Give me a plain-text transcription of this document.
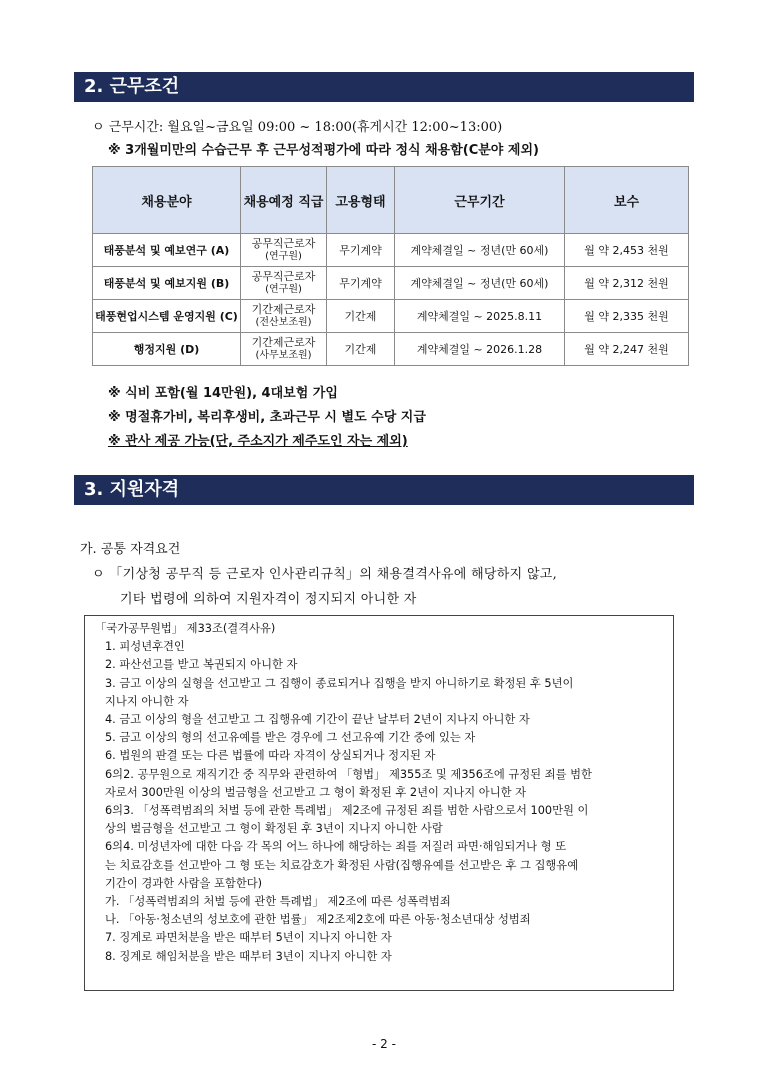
2. 근무조건
ㅇ 근무시간: 월요일~금요일 09:00 ~ 18:00(휴게시간 12:00~13:00)
※ 3개월미만의 수습근무 후 근무성적평가에 따라 정식 채용함(C분야 제외)
채용분야	채용예정 직급	고용형태	근무기간	보수
태풍분석 및 예보연구 (A)	공무직근로자
(연구원)	무기계약	계약체결일 ~ 정년(만 60세)	월 약 2,453 천원
태풍분석 및 예보지원 (B)	공무직근로자
(연구원)	무기계약	계약체결일 ~ 정년(만 60세)	월 약 2,312 천원
태풍현업시스템 운영지원 (C)	기간제근로자
(전산보조원)	기간제	계약체결일 ~ 2025.8.11	월 약 2,335 천원
행정지원 (D)	기간제근로자
(사무보조원)	기간제	계약체결일 ~ 2026.1.28	월 약 2,247 천원
※ 식비 포함(월 14만원), 4대보험 가입
※ 명절휴가비, 복리후생비, 초과근무 시 별도 수당 지급
※ 관사 제공 가능(단, 주소지가 제주도인 자는 제외)
3. 지원자격
가. 공통 자격요건
ㅇ 「기상청 공무직 등 근로자 인사관리규칙」의 채용결격사유에 해당하지 않고,
기타 법령에 의하여 지원자격이 정지되지 아니한 자
「국가공무원법」 제33조(결격사유)
1. 피성년후견인
2. 파산선고를 받고 복권되지 아니한 자
3. 금고 이상의 실형을 선고받고 그 집행이 종료되거나 집행을 받지 아니하기로 확정된 후 5년이
지나지 아니한 자
4. 금고 이상의 형을 선고받고 그 집행유예 기간이 끝난 날부터 2년이 지나지 아니한 자
5. 금고 이상의 형의 선고유예를 받은 경우에 그 선고유예 기간 중에 있는 자
6. 법원의 판결 또는 다른 법률에 따라 자격이 상실되거나 정지된 자
6의2. 공무원으로 재직기간 중 직무와 관련하여 「형법」 제355조 및 제356조에 규정된 죄를 범한
자로서 300만원 이상의 벌금형을 선고받고 그 형이 확정된 후 2년이 지나지 아니한 자
6의3. 「성폭력범죄의 처벌 등에 관한 특례법」 제2조에 규정된 죄를 범한 사람으로서 100만원 이
상의 벌금형을 선고받고 그 형이 확정된 후 3년이 지나지 아니한 사람
6의4. 미성년자에 대한 다음 각 목의 어느 하나에 해당하는 죄를 저질러 파면·해임되거나 형 또
는 치료감호를 선고받아 그 형 또는 치료감호가 확정된 사람(집행유예를 선고받은 후 그 집행유예
기간이 경과한 사람을 포함한다)
가. 「성폭력범죄의 처벌 등에 관한 특례법」 제2조에 따른 성폭력범죄
나. 「아동·청소년의 성보호에 관한 법률」 제2조제2호에 따른 아동·청소년대상 성범죄
7. 징계로 파면처분을 받은 때부터 5년이 지나지 아니한 자
8. 징계로 해임처분을 받은 때부터 3년이 지나지 아니한 자
- 2 -
